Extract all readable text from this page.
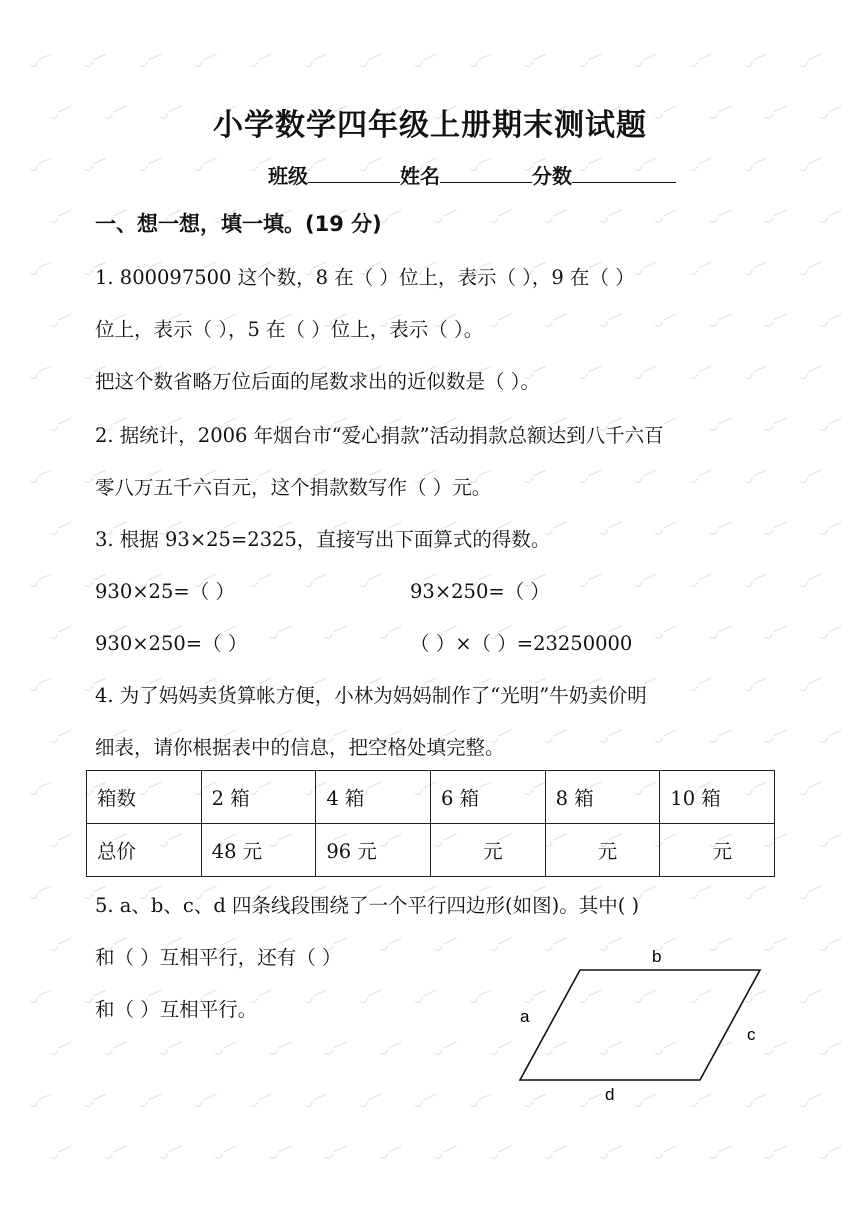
小学数学四年级上册期末测试题
班级	姓名	分数
一、想一想，填一填。(19 分)
1. 800097500 这个数，8 在（ ）位上，表示（ ），9 在（ ）
位上，表示（ ），5 在（ ）位上，表示（ ）。
把这个数省略万位后面的尾数求出的近似数是（ ）。
2. 据统计，2006 年烟台市“爱心捐款”活动捐款总额达到八千六百
零八万五千六百元，这个捐款数写作（ ）元。
3. 根据 93×25=2325，直接写出下面算式的得数。
930×25=（ ）	93×250=（ ）
930×250=（ ）	（ ）×（ ）=23250000
4. 为了妈妈卖货算帐方便，小林为妈妈制作了“光明”牛奶卖价明
细表，请你根据表中的信息，把空格处填完整。
箱数	2 箱	4 箱	6 箱	8 箱	10 箱
总价	48 元	96 元	元	元	元
5. a、b、c、d 四条线段围绕了一个平行四边形(如图)。其中( )
和（ ）互相平行，还有（ ）
和（ ）互相平行。
b
a
c
d
